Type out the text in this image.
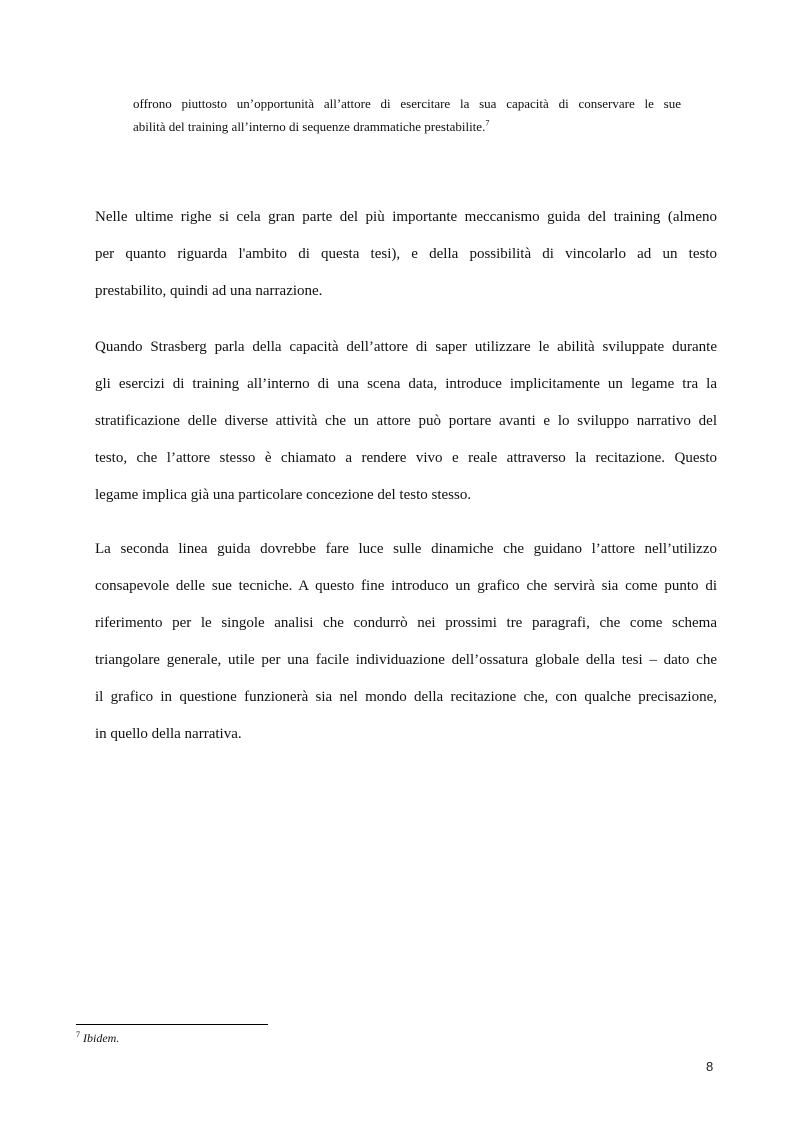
offrono piuttosto un’opportunità all’attore di esercitare la sua capacità di conservare le sue
abilità del training all’interno di sequenze drammatiche prestabilite.$^7$

Nelle ultime righe si cela gran parte del più importante meccanismo guida del training (almeno
per quanto riguarda l'ambito di questa tesi), e della possibilità di vincolarlo ad un testo
prestabilito, quindi ad una narrazione.

Quando Strasberg parla della capacità dell’attore di saper utilizzare le abilità sviluppate durante
gli esercizi di training all’interno di una scena data, introduce implicitamente un legame tra la
stratificazione delle diverse attività che un attore può portare avanti e lo sviluppo narrativo del
testo, che l’attore stesso è chiamato a rendere vivo e reale attraverso la recitazione. Questo
legame implica già una particolare concezione del testo stesso.

La seconda linea guida dovrebbe fare luce sulle dinamiche che guidano l’attore nell’utilizzo
consapevole delle sue tecniche. A questo fine introduco un grafico che servirà sia come punto di
riferimento per le singole analisi che condurrò nei prossimi tre paragrafi, che come schema
triangolare generale, utile per una facile individuazione dell’ossatura globale della tesi – dato che
il grafico in questione funzionerà sia nel mondo della recitazione che, con qualche precisazione,
in quello della narrativa.

$^7$ Ibidem.
8
